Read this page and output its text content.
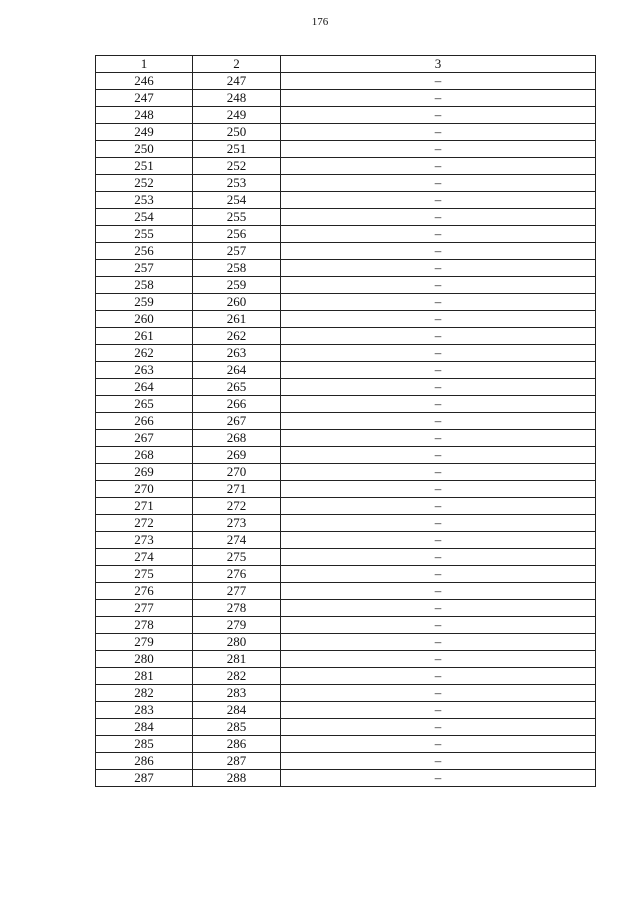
176
1	2	3
246	247	–
247	248	–
248	249	–
249	250	–
250	251	–
251	252	–
252	253	–
253	254	–
254	255	–
255	256	–
256	257	–
257	258	–
258	259	–
259	260	–
260	261	–
261	262	–
262	263	–
263	264	–
264	265	–
265	266	–
266	267	–
267	268	–
268	269	–
269	270	–
270	271	–
271	272	–
272	273	–
273	274	–
274	275	–
275	276	–
276	277	–
277	278	–
278	279	–
279	280	–
280	281	–
281	282	–
282	283	–
283	284	–
284	285	–
285	286	–
286	287	–
287	288	–
